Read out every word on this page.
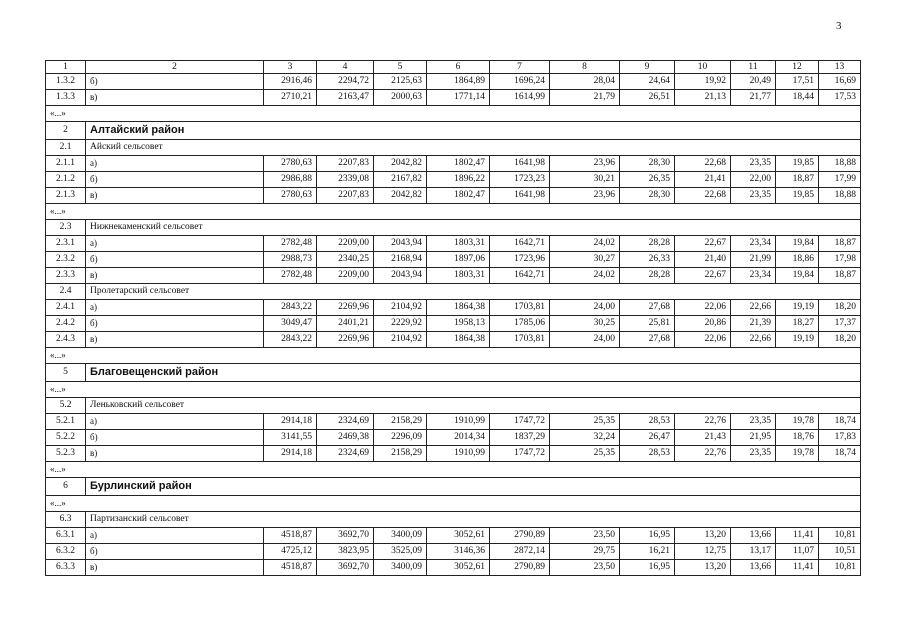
3
1	2	3	4	5	6	7	8	9	10	11	12	13
1.3.2	б)	2916,46	2294,72	2125,63	1864,89	1696,24	28,04	24,64	19,92	20,49	17,51	16,69
1.3.3	в)	2710,21	2163,47	2000,63	1771,14	1614,99	21,79	26,51	21,13	21,77	18,44	17,53
«...»												
2	Алтайский район											
2.1	Айский сельсовет											
2.1.1	а)	2780,63	2207,83	2042,82	1802,47	1641,98	23,96	28,30	22,68	23,35	19,85	18,88
2.1.2	б)	2986,88	2339,08	2167,82	1896,22	1723,23	30,21	26,35	21,41	22,00	18,87	17,99
2.1.3	в)	2780,63	2207,83	2042,82	1802,47	1641,98	23,96	28,30	22,68	23,35	19,85	18,88
«...»												
2.3	Нижнекаменский сельсовет											
2.3.1	а)	2782,48	2209,00	2043,94	1803,31	1642,71	24,02	28,28	22,67	23,34	19,84	18,87
2.3.2	б)	2988,73	2340,25	2168,94	1897,06	1723,96	30,27	26,33	21,40	21,99	18,86	17,98
2.3.3	в)	2782,48	2209,00	2043,94	1803,31	1642,71	24,02	28,28	22,67	23,34	19,84	18,87
2.4	Пролетарский сельсовет											
2.4.1	а)	2843,22	2269,96	2104,92	1864,38	1703,81	24,00	27,68	22,06	22,66	19,19	18,20
2.4.2	б)	3049,47	2401,21	2229,92	1958,13	1785,06	30,25	25,81	20,86	21,39	18,27	17,37
2.4.3	в)	2843,22	2269,96	2104,92	1864,38	1703,81	24,00	27,68	22,06	22,66	19,19	18,20
«...»												
5	Благовещенский район											
«...»												
5.2	Леньковский сельсовет											
5.2.1	а)	2914,18	2324,69	2158,29	1910,99	1747,72	25,35	28,53	22,76	23,35	19,78	18,74
5.2.2	б)	3141,55	2469,38	2296,09	2014,34	1837,29	32,24	26,47	21,43	21,95	18,76	17,83
5.2.3	в)	2914,18	2324,69	2158,29	1910,99	1747,72	25,35	28,53	22,76	23,35	19,78	18,74
«...»												
6	Бурлинский район											
«...»												
6.3	Партизанский сельсовет											
6.3.1	а)	4518,87	3692,70	3400,09	3052,61	2790,89	23,50	16,95	13,20	13,66	11,41	10,81
6.3.2	б)	4725,12	3823,95	3525,09	3146,36	2872,14	29,75	16,21	12,75	13,17	11,07	10,51
6.3.3	в)	4518,87	3692,70	3400,09	3052,61	2790,89	23,50	16,95	13,20	13,66	11,41	10,81
